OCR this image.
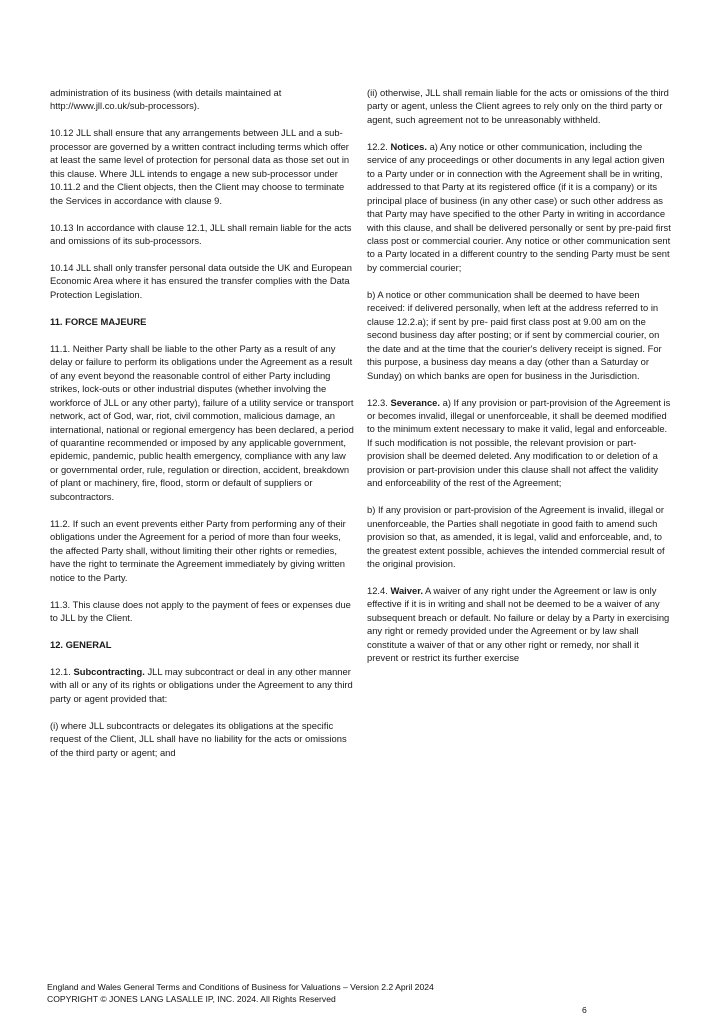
administration of its business (with details maintained at http://www.jll.co.uk/sub-processors).

10.12 JLL shall ensure that any arrangements between JLL and a sub-processor are governed by a written contract including terms which offer at least the same level of protection for personal data as those set out in this clause. Where JLL intends to engage a new sub-processor under 10.11.2 and the Client objects, then the Client may choose to terminate the Services in accordance with clause 9.

10.13 In accordance with clause 12.1, JLL shall remain liable for the acts and omissions of its sub-processors.

10.14 JLL shall only transfer personal data outside the UK and European Economic Area where it has ensured the transfer complies with the Data Protection Legislation.

11. FORCE MAJEURE

11.1. Neither Party shall be liable to the other Party as a result of any delay or failure to perform its obligations under the Agreement as a result of any event beyond the reasonable control of either Party including strikes, lock-outs or other industrial disputes (whether involving the workforce of JLL or any other party), failure of a utility service or transport network, act of God, war, riot, civil commotion, malicious damage, an international, national or regional emergency has been declared, a period of quarantine recommended or imposed by any applicable government, epidemic, pandemic, public health emergency, compliance with any law or governmental order, rule, regulation or direction, accident, breakdown of plant or machinery, fire, flood, storm or default of suppliers or subcontractors.

11.2. If such an event prevents either Party from performing any of their obligations under the Agreement for a period of more than four weeks, the affected Party shall, without limiting their other rights or remedies, have the right to terminate the Agreement immediately by giving written notice to the Party.

11.3. This clause does not apply to the payment of fees or expenses due to JLL by the Client.

12. GENERAL

12.1. Subcontracting. JLL may subcontract or deal in any other manner with all or any of its rights or obligations under the Agreement to any third party or agent provided that:

(i) where JLL subcontracts or delegates its obligations at the specific request of the Client, JLL shall have no liability for the acts or omissions of the third party or agent; and

(ii) otherwise, JLL shall remain liable for the acts or omissions of the third party or agent, unless the Client agrees to rely only on the third party or agent, such agreement not to be unreasonably withheld.

12.2. Notices. a) Any notice or other communication, including the service of any proceedings or other documents in any legal action given to a Party under or in connection with the Agreement shall be in writing, addressed to that Party at its registered office (if it is a company) or its principal place of business (in any other case) or such other address as that Party may have specified to the other Party in writing in accordance with this clause, and shall be delivered personally or sent by pre-paid first class post or commercial courier. Any notice or other communication sent to a Party located in a different country to the sending Party must be sent by commercial courier;

b) A notice or other communication shall be deemed to have been received: if delivered personally, when left at the address referred to in clause 12.2.a); if sent by pre- paid first class post at 9.00 am on the second business day after posting; or if sent by commercial courier, on the date and at the time that the courier's delivery receipt is signed. For this purpose, a business day means a day (other than a Saturday or Sunday) on which banks are open for business in the Jurisdiction.

12.3. Severance. a) If any provision or part-provision of the Agreement is or becomes invalid, illegal or unenforceable, it shall be deemed modified to the minimum extent necessary to make it valid, legal and enforceable. If such modification is not possible, the relevant provision or part-provision shall be deemed deleted. Any modification to or deletion of a provision or part-provision under this clause shall not affect the validity and enforceability of the rest of the Agreement;

b) If any provision or part-provision of the Agreement is invalid, illegal or unenforceable, the Parties shall negotiate in good faith to amend such provision so that, as amended, it is legal, valid and enforceable, and, to the greatest extent possible, achieves the intended commercial result of the original provision.

12.4. Waiver. A waiver of any right under the Agreement or law is only effective if it is in writing and shall not be deemed to be a waiver of any subsequent breach or default. No failure or delay by a Party in exercising any right or remedy provided under the Agreement or by law shall constitute a waiver of that or any other right or remedy, nor shall it prevent or restrict its further exercise

England and Wales General Terms and Conditions of Business for Valuations – Version 2.2 April 2024
COPYRIGHT © JONES LANG LASALLE IP, INC. 2024. All Rights Reserved
6
